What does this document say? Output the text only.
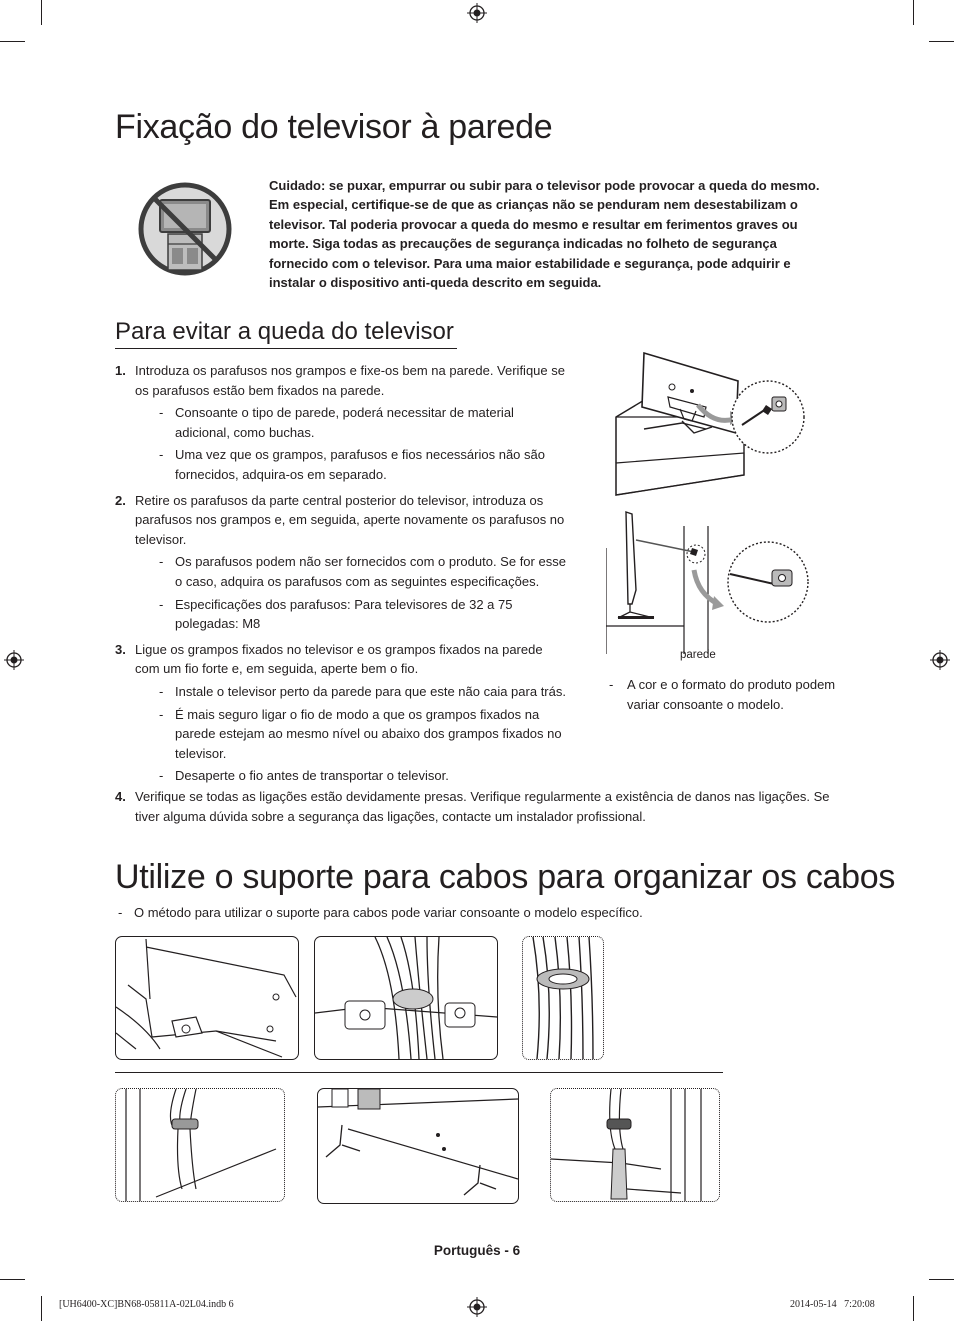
Fixação do televisor à parede
Cuidado: se puxar, empurrar ou subir para o televisor pode provocar a queda do mesmo. Em especial, certifique-se de que as crianças não se penduram nem desestabilizam o televisor. Tal poderia provocar a queda do mesmo e resultar em ferimentos graves ou morte. Siga todas as precauções de segurança indicadas no folheto de segurança fornecido com o televisor. Para uma maior estabilidade e segurança, pode adquirir e instalar o dispositivo anti-queda descrito em seguida.
Para evitar a queda do televisor
1. Introduza os parafusos nos grampos e fixe-os bem na parede. Verifique se os parafusos estão bem fixados na parede.
- Consoante o tipo de parede, poderá necessitar de material adicional, como buchas.
- Uma vez que os grampos, parafusos e fios necessários não são fornecidos, adquira-os em separado.
2. Retire os parafusos da parte central posterior do televisor, introduza os parafusos nos grampos e, em seguida, aperte novamente os parafusos no televisor.
- Os parafusos podem não ser fornecidos com o produto. Se for esse o caso, adquira os parafusos com as seguintes especificações.
- Especificações dos parafusos: Para televisores de 32 a 75 polegadas: M8
3. Ligue os grampos fixados no televisor e os grampos fixados na parede com um fio forte e, em seguida, aperte bem o fio.
- Instale o televisor perto da parede para que este não caia para trás.
- É mais seguro ligar o fio de modo a que os grampos fixados na parede estejam ao mesmo nível ou abaixo dos grampos fixados no televisor.
- Desaperte o fio antes de transportar o televisor.
4. Verifique se todas as ligações estão devidamente presas. Verifique regularmente a existência de danos nas ligações. Se tiver alguma dúvida sobre a segurança das ligações, contacte um instalador profissional.
parede
-	A cor e o formato do produto podem variar consoante o modelo.
Utilize o suporte para cabos para organizar os cabos
- O método para utilizar o suporte para cabos pode variar consoante o modelo específico.
Português - 6
[UH6400-XC]BN68-05811A-02L04.indb 6	2014-05-14   7:20:08
